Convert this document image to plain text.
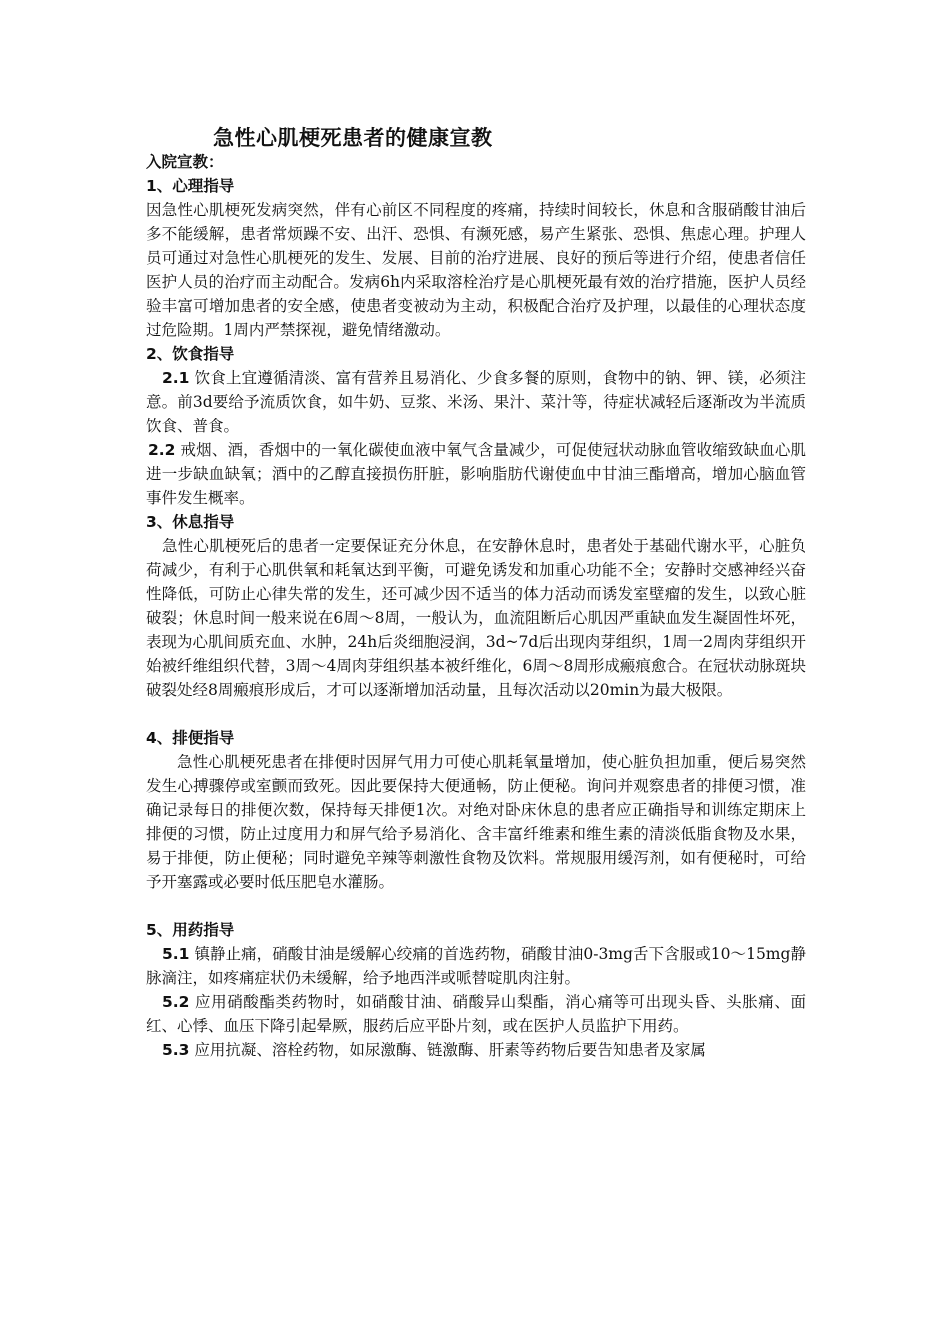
急性心肌梗死患者的健康宣教
入院宣教：
1、心理指导

因急性心肌梗死发病突然，伴有心前区不同程度的疼痛，持续时间较长，休息和含服硝酸甘油后多不能缓解，患者常烦躁不安、出汗、恐惧、有濒死感，易产生紧张、恐惧、焦虑心理。护理人员可通过对急性心肌梗死的发生、发展、目前的治疗进展、良好的预后等进行介绍，使患者信任医护人员的治疗而主动配合。发病6h内采取溶栓治疗是心肌梗死最有效的治疗措施，医护人员经验丰富可增加患者的安全感，使患者变被动为主动，积极配合治疗及护理，以最佳的心理状态度过危险期。1周内严禁探视，避免情绪激动。

2、饮食指导

2.1 饮食上宜遵循清淡、富有营养且易消化、少食多餐的原则，食物中的钠、钾、镁，必须注意。前3d要给予流质饮食，如牛奶、豆浆、米汤、果汁、菜汁等，待症状减轻后逐渐改为半流质饮食、普食。

2.2 戒烟、酒，香烟中的一氧化碳使血液中氧气含量减少，可促使冠状动脉血管收缩致缺血心肌进一步缺血缺氧；酒中的乙醇直接损伤肝脏，影响脂肪代谢使血中甘油三酯增高，增加心脑血管事件发生概率。

3、休息指导

急性心肌梗死后的患者一定要保证充分休息，在安静休息时，患者处于基础代谢水平，心脏负荷减少，有利于心肌供氧和耗氧达到平衡，可避免诱发和加重心功能不全；安静时交感神经兴奋性降低，可防止心律失常的发生，还可减少因不适当的体力活动而诱发室壁瘤的发生，以致心脏破裂；休息时间一般来说在6周～8周，一般认为，血流阻断后心肌因严重缺血发生凝固性坏死，表现为心肌间质充血、水肿，24h后炎细胞浸润，3d~7d后出现肉芽组织，1周一2周肉芽组织开始被纤维组织代替，3周～4周肉芽组织基本被纤维化，6周～8周形成瘢痕愈合。在冠状动脉斑块破裂处经8周瘢痕形成后，才可以逐渐增加活动量，且每次活动以20min为最大极限。

4、排便指导

急性心肌梗死患者在排便时因屏气用力可使心肌耗氧量增加，使心脏负担加重，便后易突然发生心搏骤停或室颤而致死。因此要保持大便通畅，防止便秘。询问并观察患者的排便习惯，准确记录每日的排便次数，保持每天排便1次。对绝对卧床休息的患者应正确指导和训练定期床上排便的习惯，防止过度用力和屏气给予易消化、含丰富纤维素和维生素的清淡低脂食物及水果，易于排便，防止便秘；同时避免辛辣等刺激性食物及饮料。常规服用缓泻剂，如有便秘时，可给予开塞露或必要时低压肥皂水灌肠。

5、用药指导

5.1 镇静止痛，硝酸甘油是缓解心绞痛的首选药物，硝酸甘油0-3mg舌下含服或10～15mg静脉滴注，如疼痛症状仍未缓解，给予地西泮或哌替啶肌肉注射。

5.2 应用硝酸酯类药物时，如硝酸甘油、硝酸异山梨酯，消心痛等可出现头昏、头胀痛、面红、心悸、血压下降引起晕厥，服药后应平卧片刻，或在医护人员监护下用药。

5.3 应用抗凝、溶栓药物，如尿激酶、链激酶、肝素等药物后要告知患者及家属
